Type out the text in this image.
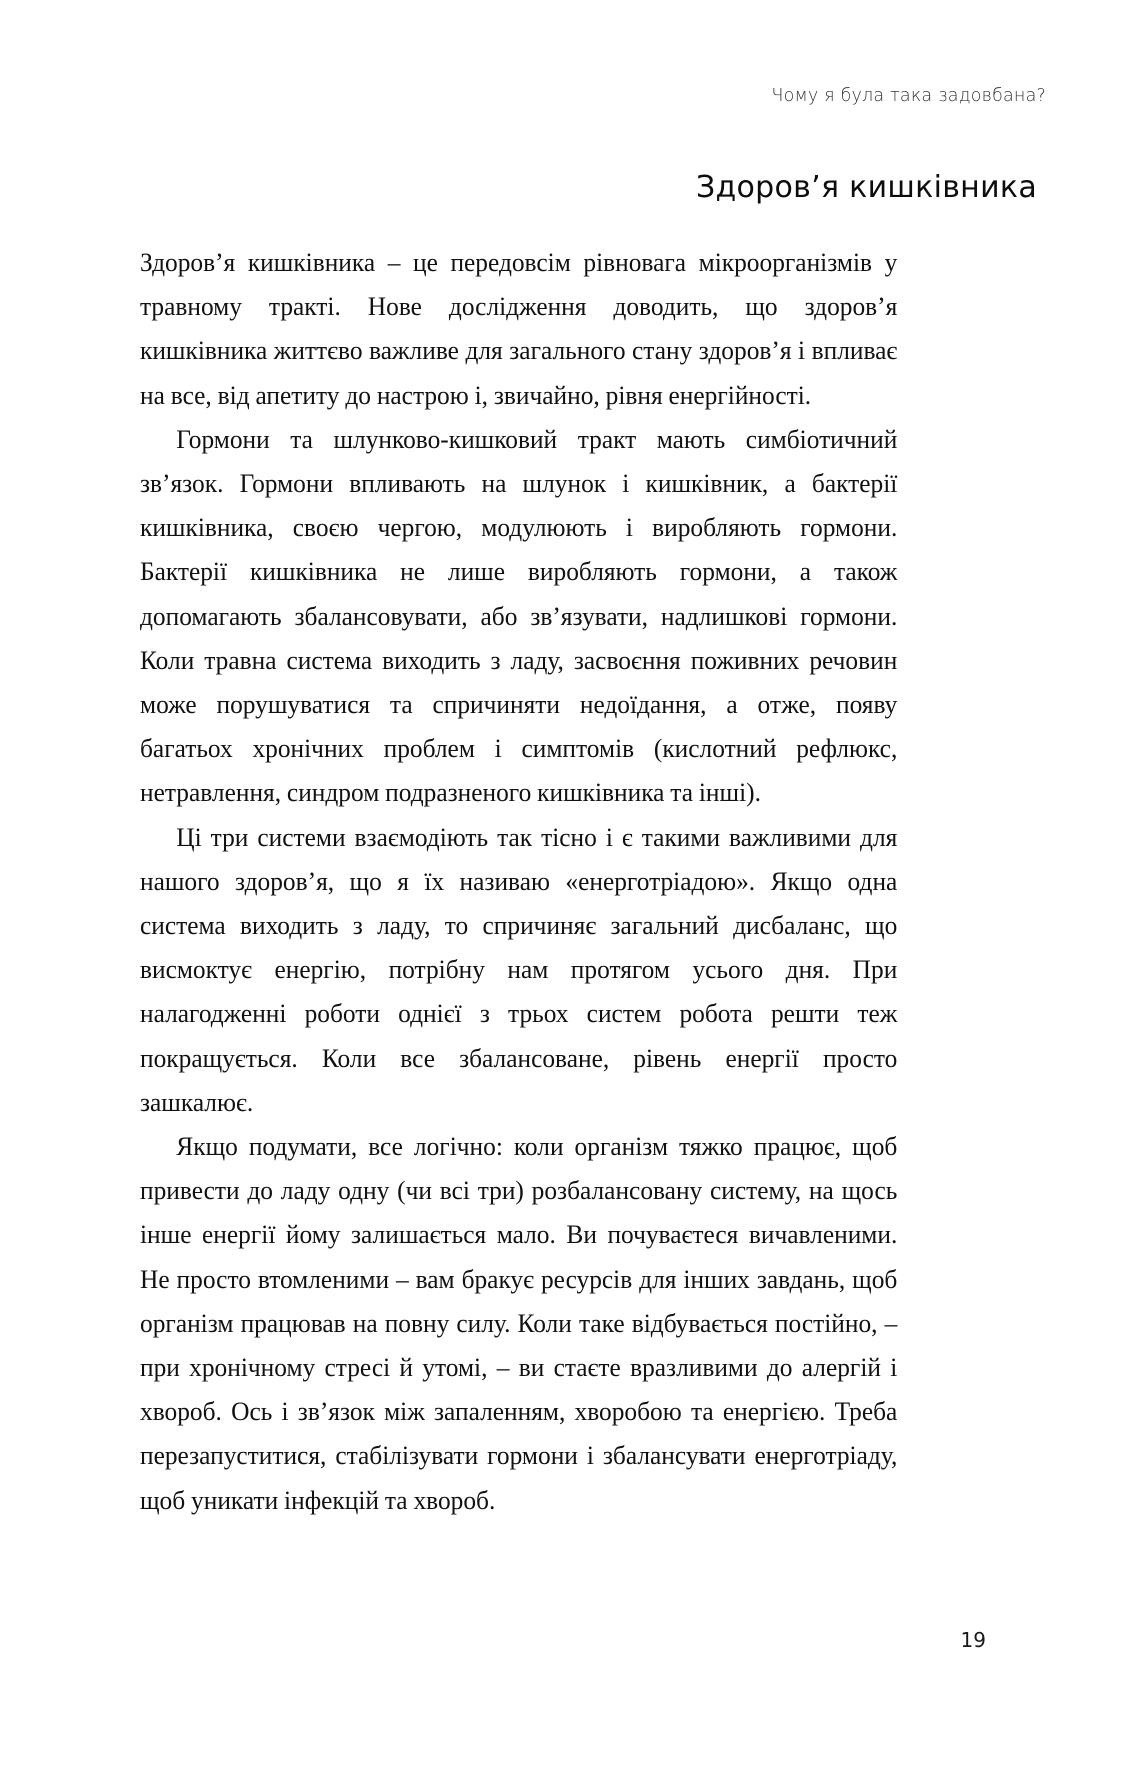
Чому я була така задовбана?
Здоров’я кишківника

Здоров’я кишківника – це передовсім рівновага мікроорганізмів у травному тракті. Нове дослідження доводить, що здоров’я кишківника життєво важливе для загального стану здоров’я і впливає на все, від апетиту до настрою і, звичайно, рівня енергійності.

Гормони та шлунково-кишковий тракт мають симбіотичний зв’язок. Гормони впливають на шлунок і кишківник, а бактерії кишківника, своєю чергою, модулюють і виробляють гормони. Бактерії кишківника не лише виробляють гормони, а також допомагають збалансовувати, або зв’язувати, надлишкові гормони. Коли травна система виходить з ладу, засвоєння поживних речовин може порушуватися та спричиняти недоїдання, а отже, появу багатьох хронічних проблем і симптомів (кислотний рефлюкс, нетравлення, синдром подразненого кишківника та інші).

Ці три системи взаємодіють так тісно і є такими важливими для нашого здоров’я, що я їх називаю «енерготріадою». Якщо одна система виходить з ладу, то спричиняє загальний дисбаланс, що висмоктує енергію, потрібну нам протягом усього дня. При налагодженні роботи однієї з трьох систем робота решти теж покращується. Коли все збалансоване, рівень енергії просто зашкалює.

Якщо подумати, все логічно: коли організм тяжко працює, щоб привести до ладу одну (чи всі три) розбалансовану систему, на щось інше енергії йому залишається мало. Ви почуваєтеся вичавленими. Не просто втомленими – вам бракує ресурсів для інших завдань, щоб організм працював на повну силу. Коли таке відбувається постійно, – при хронічному стресі й утомі, – ви стаєте вразливими до алергій і хвороб. Ось і зв’язок між запаленням, хворобою та енергією. Треба перезапуститися, стабілізувати гормони і збалансувати енерготріаду, щоб уникати інфекцій та хвороб.

19
